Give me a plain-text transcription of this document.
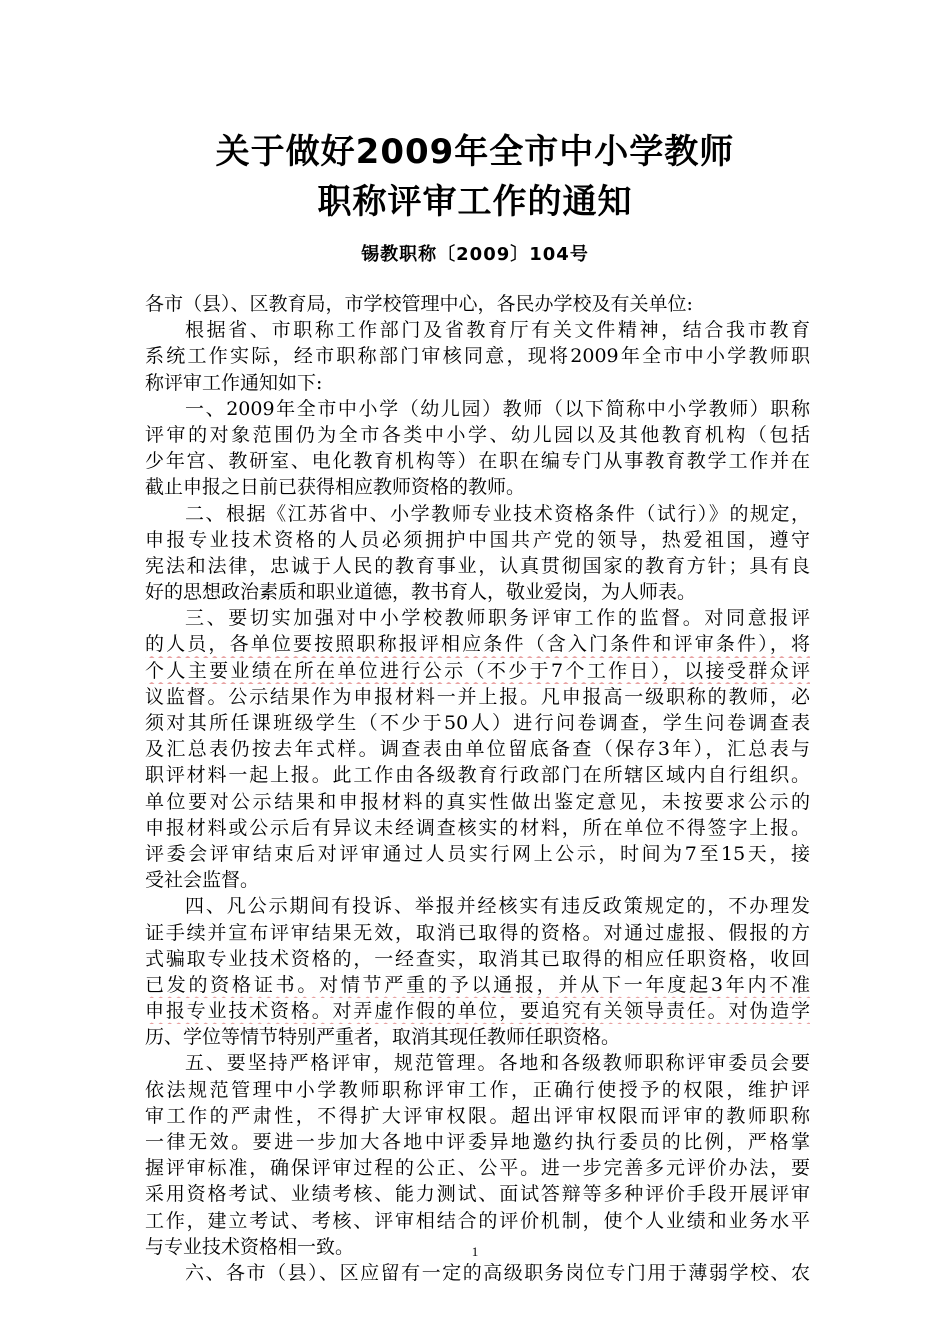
关于做好2009年全市中小学教师
职称评审工作的通知
锡教职称〔2009〕104号
各市（县）、区教育局，市学校管理中心，各民办学校及有关单位:
根据省、市职称工作部门及省教育厅有关文件精神，结合我市教育
系统工作实际，经市职称部门审核同意，现将2009年全市中小学教师职
称评审工作通知如下:
一、2009年全市中小学（幼儿园）教师（以下简称中小学教师）职称
评审的对象范围仍为全市各类中小学、幼儿园以及其他教育机构（包括
少年宫、教研室、电化教育机构等）在职在编专门从事教育教学工作并在
截止申报之日前已获得相应教师资格的教师。
二、根据《江苏省中、小学教师专业技术资格条件（试行）》的规定，
申报专业技术资格的人员必须拥护中国共产党的领导，热爱祖国，遵守
宪法和法律，忠诚于人民的教育事业，认真贯彻国家的教育方针；具有良
好的思想政治素质和职业道德，教书育人，敬业爱岗，为人师表。
三、要切实加强对中小学校教师职务评审工作的监督。对同意报评
的人员，各单位要按照职称报评相应条件（含入门条件和评审条件），将
个人主要业绩在所在单位进行公示（不少于7个工作日），以接受群众评
议监督。公示结果作为申报材料一并上报。凡申报高一级职称的教师，必
须对其所任课班级学生（不少于50人）进行问卷调查，学生问卷调查表
及汇总表仍按去年式样。调查表由单位留底备查（保存3年），汇总表与
职评材料一起上报。此工作由各级教育行政部门在所辖区域内自行组织。
单位要对公示结果和申报材料的真实性做出鉴定意见，未按要求公示的
申报材料或公示后有异议未经调查核实的材料，所在单位不得签字上报。
评委会评审结束后对评审通过人员实行网上公示，时间为7至15天，接
受社会监督。
四、凡公示期间有投诉、举报并经核实有违反政策规定的，不办理发
证手续并宣布评审结果无效，取消已取得的资格。对通过虚报、假报的方
式骗取专业技术资格的，一经查实，取消其已取得的相应任职资格，收回
已发的资格证书。对情节严重的予以通报，并从下一年度起3年内不准
申报专业技术资格。对弄虚作假的单位，要追究有关领导责任。对伪造学
历、学位等情节特别严重者，取消其现任教师任职资格。
五、要坚持严格评审，规范管理。各地和各级教师职称评审委员会要
依法规范管理中小学教师职称评审工作，正确行使授予的权限，维护评
审工作的严肃性，不得扩大评审权限。超出评审权限而评审的教师职称
一律无效。要进一步加大各地中评委异地邀约执行委员的比例，严格掌
握评审标准，确保评审过程的公正、公平。进一步完善多元评价办法，要
采用资格考试、业绩考核、能力测试、面试答辩等多种评价手段开展评审
工作，建立考试、考核、评审相结合的评价机制，使个人业绩和业务水平
与专业技术资格相一致。
六、各市（县）、区应留有一定的高级职务岗位专门用于薄弱学校、农
1
